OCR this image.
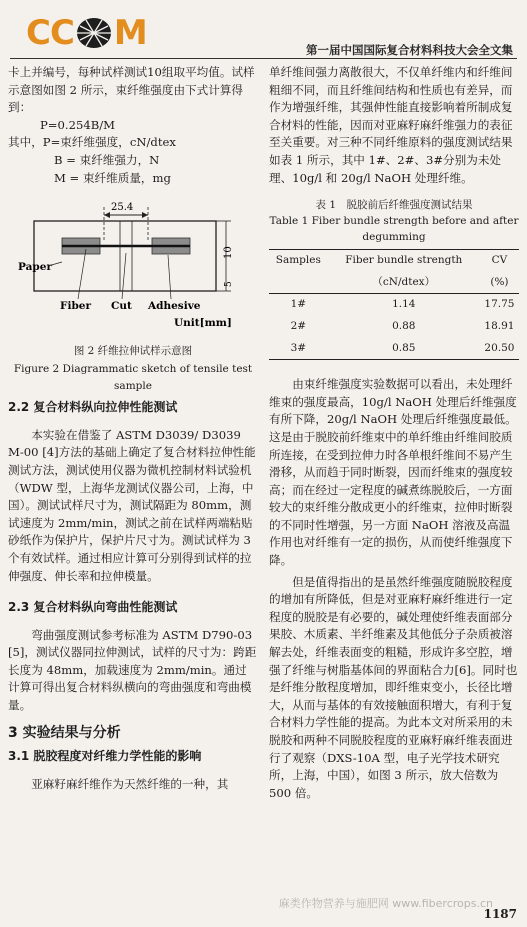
CC M	第一届中国国际复合材料科技大会全文集

卡上并编号，每种试样测试10组取平均值。试样示意图如图 2 所示，束纤维强度由下式计算得到：

P=0.254B/M

其中，P=束纤维强度，cN/dtex

B = 束纤维强力，N

M = 束纤维质量，mg

25.4
10
5
Paper
Fiber Cut Adhesive
Unit[mm]

图 2 纤维拉伸试样示意图

Figure 2 Diagrammatic sketch of tensile test sample

2.2 复合材料纵向拉伸性能测试

本实验在借鉴了 ASTM D3039/ D3039 M-00 [4]方法的基础上确定了复合材料拉伸性能测试方法，测试使用仪器为微机控制材料试验机（WDW 型，上海华龙测试仪器公司，上海，中国）。测试试样尺寸为，测试隔距为 80mm，测试速度为 2mm/min，测试之前在试样两端粘贴砂纸作为保护片，保护片尺寸为。测试试样为 3 个有效试样。通过相应计算可分别得到试样的拉伸强度、伸长率和拉伸模量。

2.3 复合材料纵向弯曲性能测试

弯曲强度测试参考标准为 ASTM D790-03 [5]，测试仪器同拉伸测试，试样的尺寸为：跨距长度为 48mm，加载速度为 2mm/min。通过计算可得出复合材料纵横向的弯曲强度和弯曲模量。

3 实验结果与分析
3.1 脱胶程度对纤维力学性能的影响

亚麻籽麻纤维作为天然纤维的一种，其

单纤维间强力离散很大，不仅单纤维内和纤维间粗细不同，而且纤维间结构和性质也有差异，而作为增强纤维，其强伸性能直接影响着所制成复合材料的性能，因而对亚麻籽麻纤维强力的表征至关重要。对三种不同纤维原料的强度测试结果如表 1 所示，其中 1#、2#、3#分别为未处理、10g/l 和 20g/l NaOH 处理纤维。

表 1　脱胶前后纤维强度测试结果

Table 1 Fiber bundle strength before and after degumming

Samples	Fiber bundle strength	CV
	（cN/dtex）	(%)
1#	1.14	17.75
2#	0.88	18.91
3#	0.85	20.50

由束纤维强度实验数据可以看出，未处理纤维束的强度最高，10g/l NaOH 处理后纤维强度有所下降，20g/l NaOH 处理后纤维强度最低。这是由于脱胶前纤维束中的单纤维由纤维间胶质所连接，在受到拉伸力时各单根纤维间不易产生滑移，从而趋于同时断裂，因而纤维束的强度较高；而在经过一定程度的碱煮练脱胶后，一方面较大的束纤维分散成更小的纤维束，拉伸时断裂的不同时性增强，另一方面 NaOH 溶液及高温作用也对纤维有一定的损伤，从而使纤维强度下降。

但是值得指出的是虽然纤维强度随脱胶程度的增加有所降低，但是对亚麻籽麻纤维进行一定程度的脱胶是有必要的，碱处理使纤维表面部分果胶、木质素、半纤维素及其他低分子杂质被溶解去处，纤维表面变的粗糙，形成许多空腔，增强了纤维与树脂基体间的界面粘合力[6]。同时也是纤维分散程度增加，即纤维束变小，长径比增大，从而与基体的有效接触面积增大，有利于复合材料力学性能的提高。为此本文对所采用的未脱胶和两种不同脱胶程度的亚麻籽麻纤维表面进行了观察（DXS-10A 型，电子光学技术研究所，上海，中国），如图 3 所示，放大倍数为 500 倍。

麻类作物营养与施肥网 www.fibercrops.cn
1187
